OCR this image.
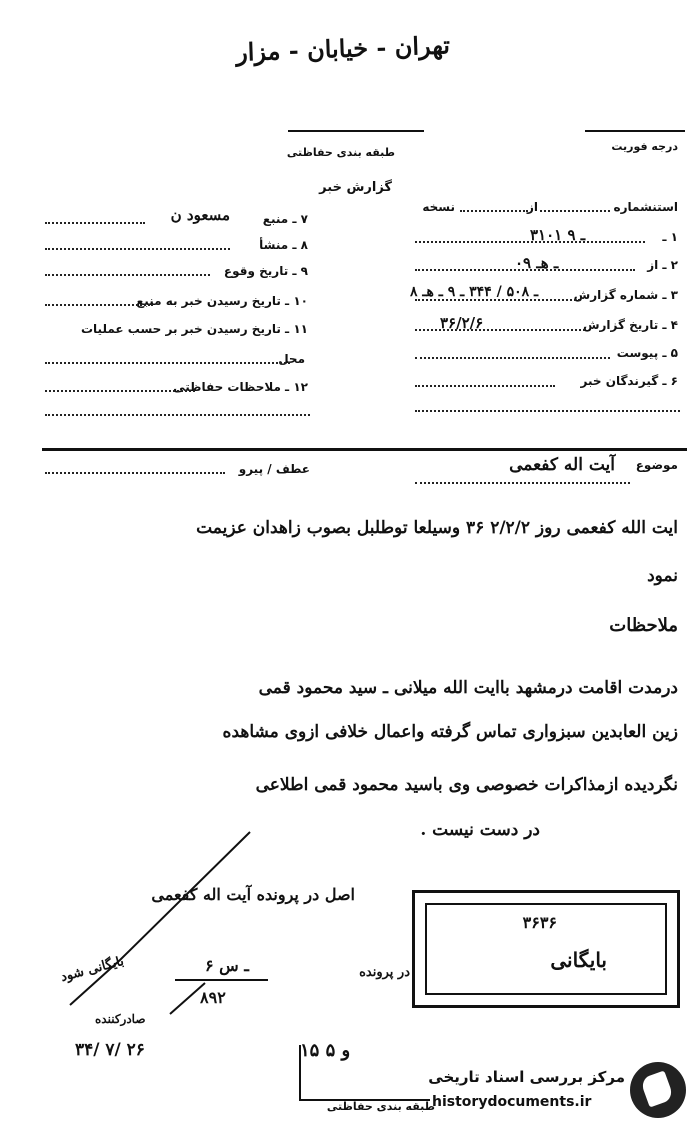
تهران - خیابان - مزار
درجه فوریت
طبقه بندی حفاظتی
گزارش خبر
استنشماره
از
نسخه
۱ ـ
۳۱۰۱ ـ ۹
۲ ـ از
۰۹ ـ هـ
۳ ـ شماره گزارش
۸ ـ ۵۰۸ / ۳۴۴ ـ ۹ ـ هـ
۴ ـ تاریخ گزارش
۳۶/۲/۶
۵ ـ پیوست
۶ ـ گیرندگان خبر
۷ ـ منبع
مسعود ن
۸ ـ منشأ
۹ ـ تاریخ وقوع
۱۰ ـ تاریخ رسیدن خبر به منبع
۱۱ ـ تاریخ رسیدن خبر بر حسب عملیات
محل
۱۲ ـ ملاحظات حفاظتی
موضوع
آیت اله کفعمی
عطف / پیرو
ایت الله کفعمی روز ۲/۲/۲ ۳۶ وسیلعا توطلبل بصوب زاهدان عزیمت
نمود
ملاحظات
درمدت اقامت درمشهد باایت الله میلانی ـ سید محمود قمی
زین العابدین سبزواری تماس گرفته واعمال خلافی ازوی مشاهده
نگردیده ازمذاکرات خصوصی وی باسید محمود قمی اطلاعی
در دست نیست .
اصل در پرونده آیت اله کفعمی
در پرونده
۶ ـ س
۸۹۲
بایگانی شود
صادرکننده
۳۴/ ۷/ ۲۶	۱۵ و ۵
۳۶۳۶
بایگانی
طبقه بندی حفاظتی
مرکز بررسی اسناد تاریخی
historydocuments.ir
